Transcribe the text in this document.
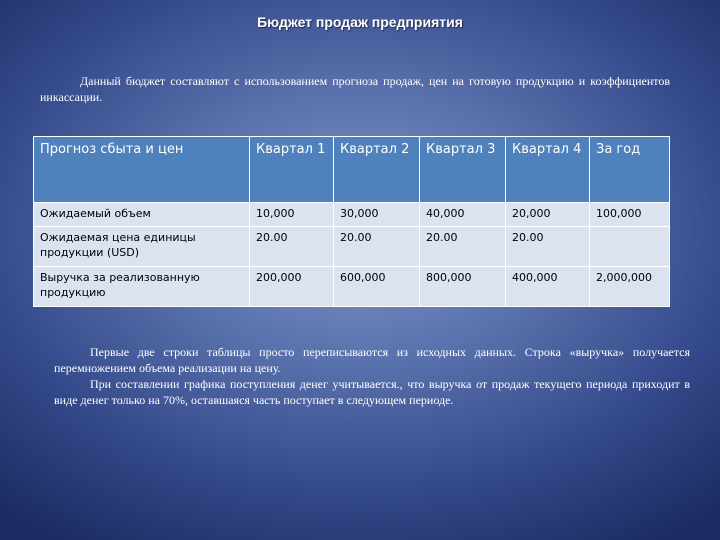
Бюджет продаж предприятия
Данный бюджет составляют с использованием прогноза продаж, цен на готовую продукцию и коэффициентов инкассации.
Прогноз сбыта и цен	Квартал 1	Квартал 2	Квартал 3	Квартал 4	За год
Ожидаемый объем	10,000	30,000	40,000	20,000	100,000
Ожидаемая цена единицы продукции (USD)	20.00	20.00	20.00	20.00	
Выручка за реализованную продукцию	200,000	600,000	800,000	400,000	2,000,000

Первые две строки таблицы просто переписываются из исходных данных. Строка «выручка» получается перемножением объема реализации на цену.

При составлении графика поступления денег учитывается., что выручка от продаж текущего периода приходит в виде денег только на 70%, оставшаяся часть поступает в следующем периоде.
